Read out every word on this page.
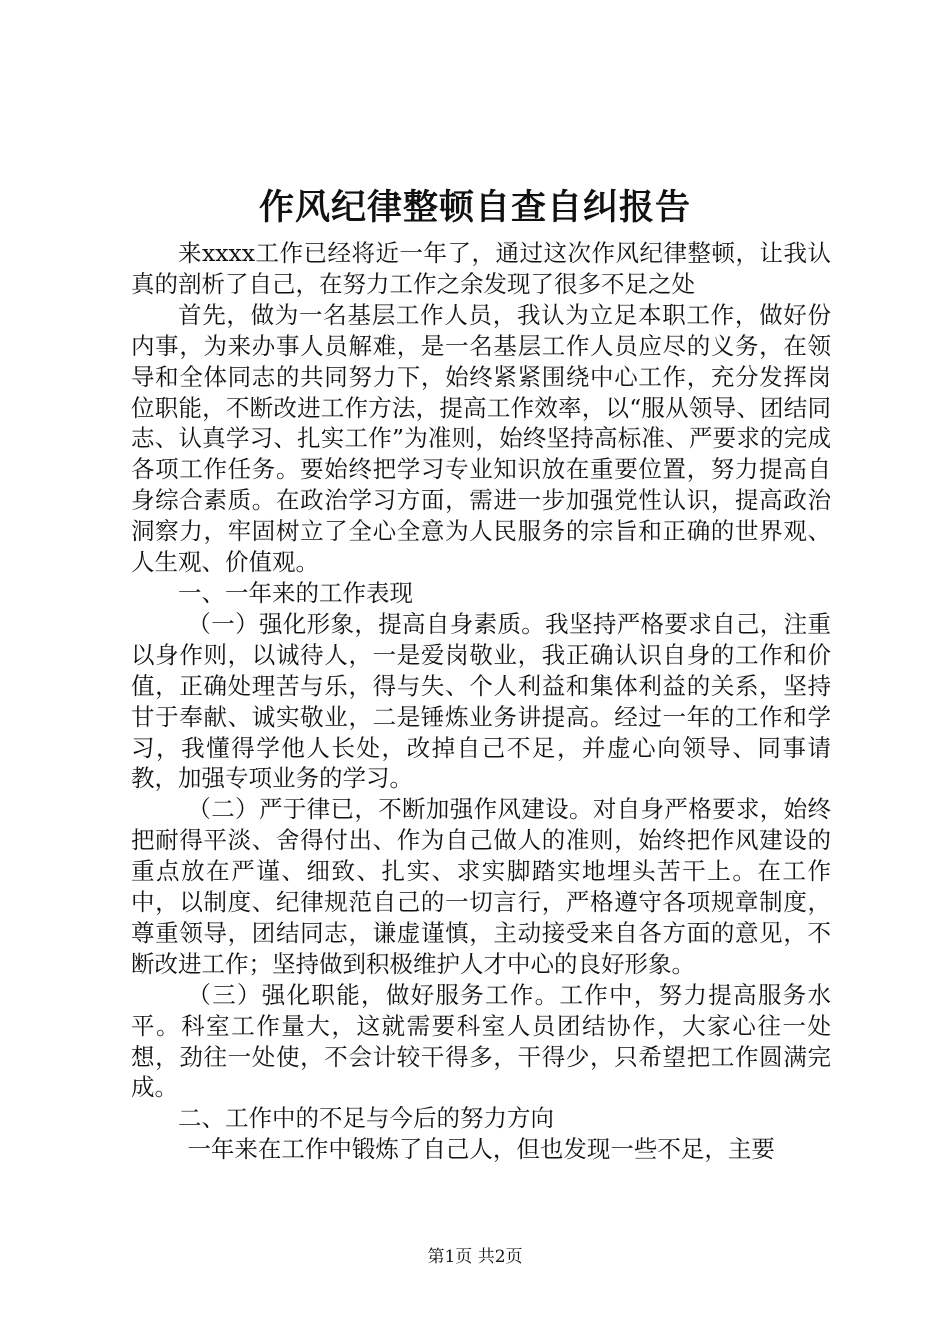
作风纪律整顿自查自纠报告

来xxxx工作已经将近一年了，通过这次作风纪律整顿，让我认真的剖析了自己，在努力工作之余发现了很多不足之处

首先，做为一名基层工作人员，我认为立足本职工作，做好份内事，为来办事人员解难，是一名基层工作人员应尽的义务，在领导和全体同志的共同努力下，始终紧紧围绕中心工作，充分发挥岗位职能，不断改进工作方法，提高工作效率，以“服从领导、团结同志、认真学习、扎实工作”为准则，始终坚持高标准、严要求的完成各项工作任务。要始终把学习专业知识放在重要位置，努力提高自身综合素质。在政治学习方面，需进一步加强党性认识，提高政治洞察力，牢固树立了全心全意为人民服务的宗旨和正确的世界观、人生观、价值观。

一、一年来的工作表现

（一）强化形象，提高自身素质。我坚持严格要求自己，注重以身作则，以诚待人，一是爱岗敬业，我正确认识自身的工作和价值，正确处理苦与乐，得与失、个人利益和集体利益的关系，坚持甘于奉献、诚实敬业，二是锤炼业务讲提高。经过一年的工作和学习，我懂得学他人长处，改掉自己不足，并虚心向领导、同事请教，加强专项业务的学习。

（二）严于律已，不断加强作风建设。对自身严格要求，始终把耐得平淡、舍得付出、作为自己做人的准则，始终把作风建设的重点放在严谨、细致、扎实、求实脚踏实地埋头苦干上。在工作中，以制度、纪律规范自己的一切言行，严格遵守各项规章制度，尊重领导，团结同志，谦虚谨慎，主动接受来自各方面的意见，不断改进工作；坚持做到积极维护人才中心的良好形象。

（三）强化职能，做好服务工作。工作中，努力提高服务水平。科室工作量大，这就需要科室人员团结协作，大家心往一处想，劲往一处使，不会计较干得多，干得少，只希望把工作圆满完成。

二、工作中的不足与今后的努力方向

一年来在工作中锻炼了自己人，但也发现一些不足，主要

第1页 共2页
